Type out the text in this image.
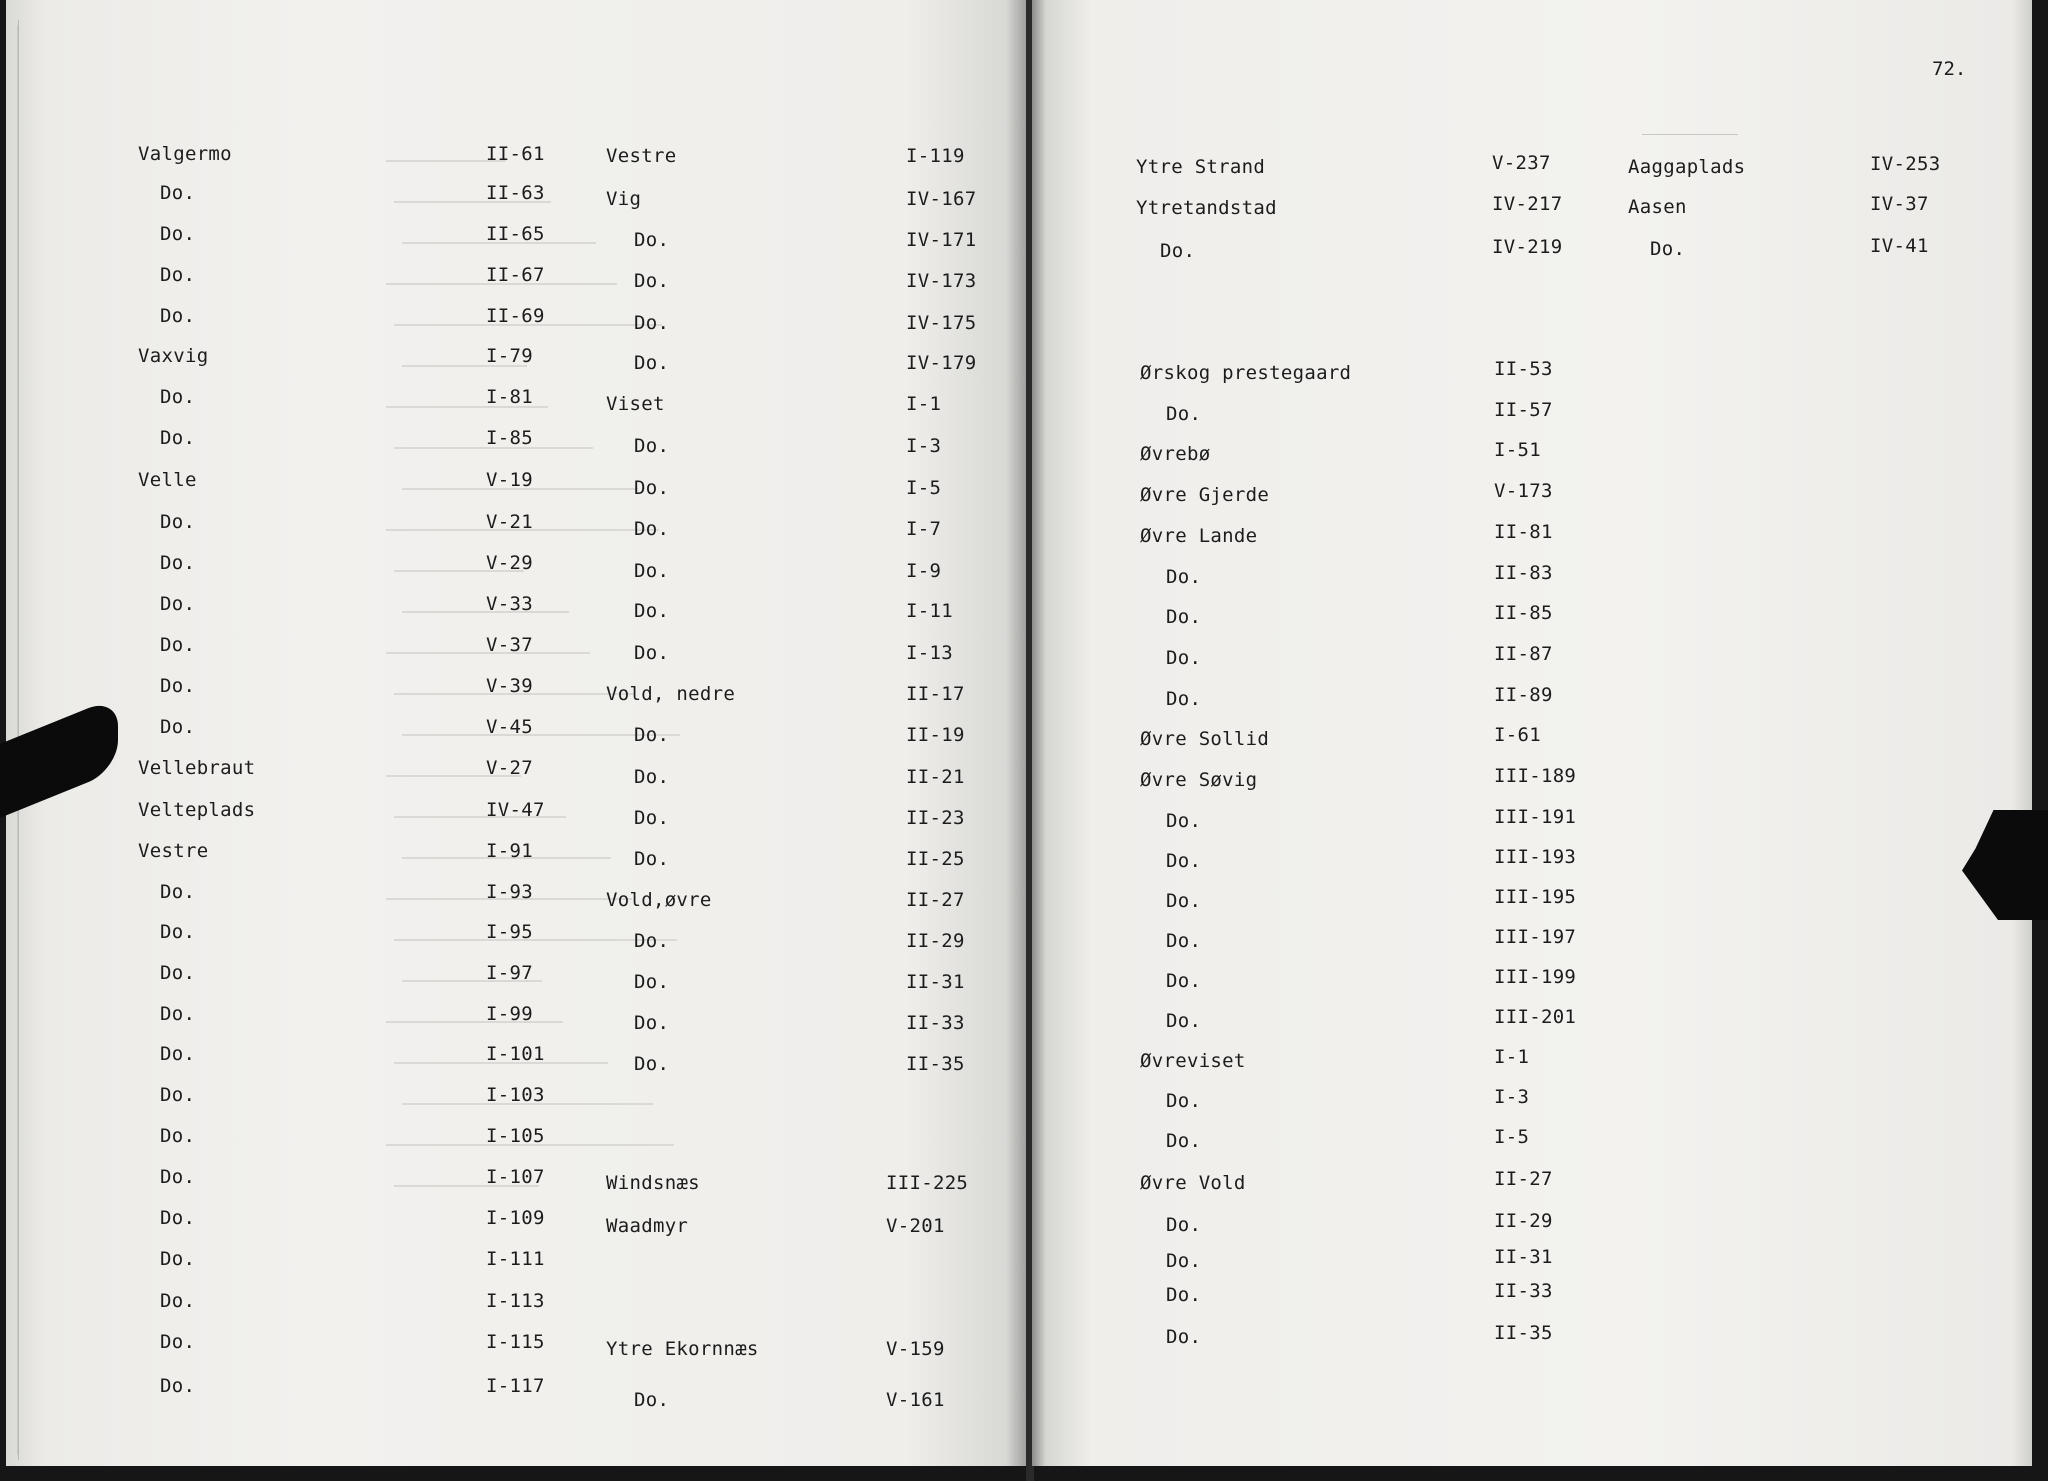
Valgermo	II-61
Do.	II-63
Do.	II-65
Do.	II-67
Do.	II-69
Vaxvig	I-79
Do.	I-81
Do.	I-85
Velle	V-19
Do.	V-21
Do.	V-29
Do.	V-33
Do.	V-37
Do.	V-39
Do.	V-45
Vellebraut	V-27
Velteplads	IV-47
Vestre	I-91
Do.	I-93
Do.	I-95
Do.	I-97
Do.	I-99
Do.	I-101
Do.	I-103
Do.	I-105
Do.	I-107
Do.	I-109
Do.	I-111
Do.	I-113
Do.	I-115
Do.	I-117
Vestre	I-119
Vig	IV-167
Do.	IV-171
Do.	IV-173
Do.	IV-175
Do.	IV-179
Viset	I-1
Do.	I-3
Do.	I-5
Do.	I-7
Do.	I-9
Do.	I-11
Do.	I-13
Vold, nedre	II-17
Do.	II-19
Do.	II-21
Do.	II-23
Do.	II-25
Vold,øvre	II-27
Do.	II-29
Do.	II-31
Do.	II-33
Do.	II-35
Windsnæs	III-225
Waadmyr	V-201
Ytre Ekornnæs	V-159
Do.	V-161
72.
Ytre Strand	V-237
Ytretandstad	IV-217
Do.	IV-219
Ørskog prestegaard	II-53
Do.	II-57
Øvrebø	I-51
Øvre Gjerde	V-173
Øvre Lande	II-81
Do.	II-83
Do.	II-85
Do.	II-87
Do.	II-89
Øvre Sollid	I-61
Øvre Søvig	III-189
Do.	III-191
Do.	III-193
Do.	III-195
Do.	III-197
Do.	III-199
Do.	III-201
Øvreviset	I-1
Do.	I-3
Do.	I-5
Øvre Vold	II-27
Do.	II-29
Do.	II-31
Do.	II-33
Do.	II-35
Aaggaplads	IV-253
Aasen	IV-37
Do.	IV-41
